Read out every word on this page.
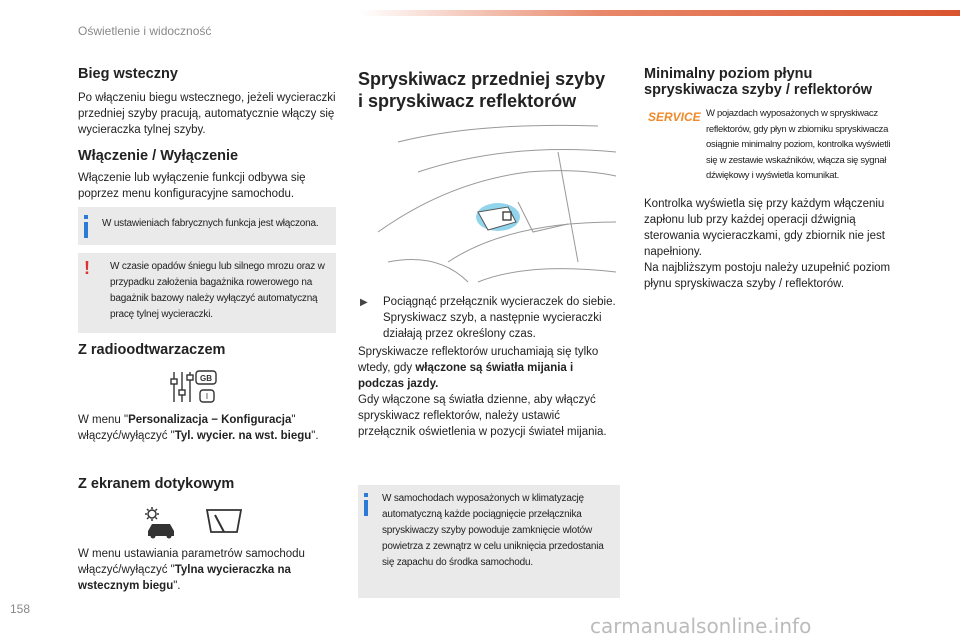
Oświetlenie i widoczność
158
carmanualsonline.info
Bieg wsteczny

Po włączeniu biegu wstecznego, jeżeli wycieraczki przedniej szyby pracują, automatycznie włączy się wycieraczka tylnej szyby.

Włączenie / Wyłączenie

Włączenie lub wyłączenie funkcji odbywa się poprzez menu konfiguracyjne samochodu.

W ustawieniach fabrycznych funkcja jest włączona.
! W czasie opadów śniegu lub silnego mrozu oraz w przypadku założenia bagażnika rowerowego na bagażnik bazowy należy wyłączyć automatyczną pracę tylnej wycieraczki.
Z radioodtwarzaczem
GB
I

W menu "Personalizacja − Konfiguracja" włączyć/wyłączyć "Tyl. wycier. na wst. biegu".

Z ekranem dotykowym

W menu ustawiania parametrów samochodu włączyć/wyłączyć "Tylna wycieraczka na wstecznym biegu".

Spryskiwacz przedniej szyby
i spryskiwacz reflektorów
▶ Pociągnąć przełącznik wycieraczek do siebie. Spryskiwacz szyb, a następnie wycieraczki działają przez określony czas.

Spryskiwacze reflektorów uruchamiają się tylko wtedy, gdy włączone są światła mijania i podczas jazdy.
Gdy włączone są światła dzienne, aby włączyć spryskiwacz reflektorów, należy ustawić przełącznik oświetlenia w pozycji świateł mijania.

W samochodach wyposażonych w klimatyzację automatyczną każde pociągnięcie przełącznika spryskiwaczy szyby powoduje zamknięcie wlotów powietrza z zewnątrz w celu uniknięcia przedostania się zapachu do środka samochodu.
Minimalny poziom płynu
spryskiwacza szyby / reflektorów
SERVICE W pojazdach wyposażonych w spryskiwacz reflektorów, gdy płyn w zbiorniku spryskiwacza osiągnie minimalny poziom, kontrolka wyświetli się w zestawie wskaźników, włącza się sygnał dźwiękowy i wyświetla komunikat.

Kontrolka wyświetla się przy każdym włączeniu zapłonu lub przy każdej operacji dźwignią sterowania wycieraczkami, gdy zbiornik nie jest napełniony.

Na najbliższym postoju należy uzupełnić poziom płynu spryskiwacza szyby / reflektorów.
